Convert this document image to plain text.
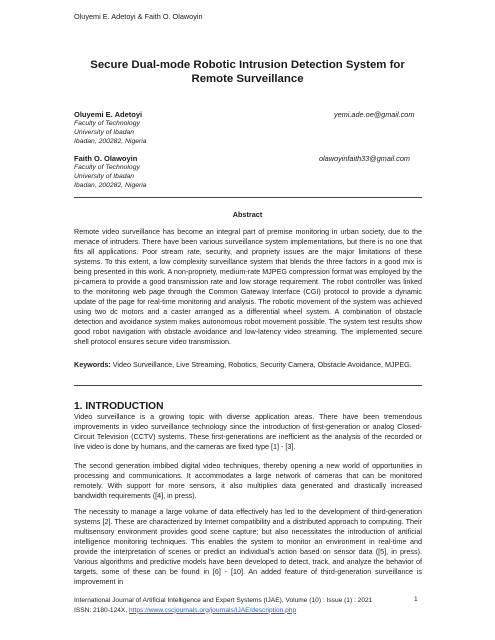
Oluyemi E. Adetoyi & Faith O. Olawoyin
Secure Dual-mode Robotic Intrusion Detection System for
Remote Surveillance
Oluyemi E. Adetoyi
Faculty of Technology
University of Ibadan
Ibadan, 200282, Nigeria
yemi.ade.oe@gmail.com
Faith O. Olawoyin
Faculty of Technology
University of Ibadan
Ibadan, 200282, Nigeria
olawoyinfaith33@gmail.com
Abstract
Remote video surveillance has become an integral part of premise monitoring in urban society, due to the menace of intruders. There have been various surveillance system implementations, but there is no one that fits all applications. Poor stream rate, security, and propriety issues are the major limitations of these systems. To this extent, a low complexity surveillance system that blends the three factors in a good mix is being presented in this work. A non-propriety, medium-rate MJPEG compression format was employed by the pi-camera to provide a good transmission rate and low storage requirement. The robot controller was linked to the monitoring web page through the Common Gateway Interface (CGI) protocol to provide a dynamic update of the page for real-time monitoring and analysis. The robotic movement of the system was achieved using two dc motors and a caster arranged as a differential wheel system. A combination of obstacle detection and avoidance system makes autonomous robot movement possible. The system test results show good robot navigation with obstacle avoidance and low-latency video streaming. The implemented secure shell protocol ensures secure video transmission.
Keywords: Video Surveillance, Live Streaming, Robotics, Security Camera, Obstacle Avoidance, MJPEG.
1. INTRODUCTION
Video surveillance is a growing topic with diverse application areas. There have been tremendous improvements in video surveillance technology since the introduction of first-generation or analog Closed-Circuit Television (CCTV) systems. These first-generations are inefficient as the analysis of the recorded or live video is done by humans, and the cameras are fixed type [1] - [3].
The second generation imbibed digital video techniques, thereby opening a new world of opportunities in processing and communications. It accommodates a large network of cameras that can be monitored remotely. With support for more sensors, it also multiplies data generated and drastically increased bandwidth requirements ([4], in press).
The necessity to manage a large volume of data effectively has led to the development of third-generation systems [2]. These are characterized by Internet compatibility and a distributed approach to computing. Their multisensory environment provides good scene capture; but also necessitates the introduction of artificial intelligence monitoring techniques. This enables the system to monitor an environment in real-time and provide the interpretation of scenes or predict an individual's action based on sensor data ([5], in press). Various algorithms and predictive models have been developed to detect, track, and analyze the behavior of targets, some of these can be found in [6] - [10]. An added feature of third-generation surveillance is improvement in
International Journal of Artificial Intelligence and Expert Systems (IJAE), Volume (10) : Issue (1) : 2021
ISSN: 2180-124X, https://www.cscjournals.org/journals/IJAE/description.php
1
